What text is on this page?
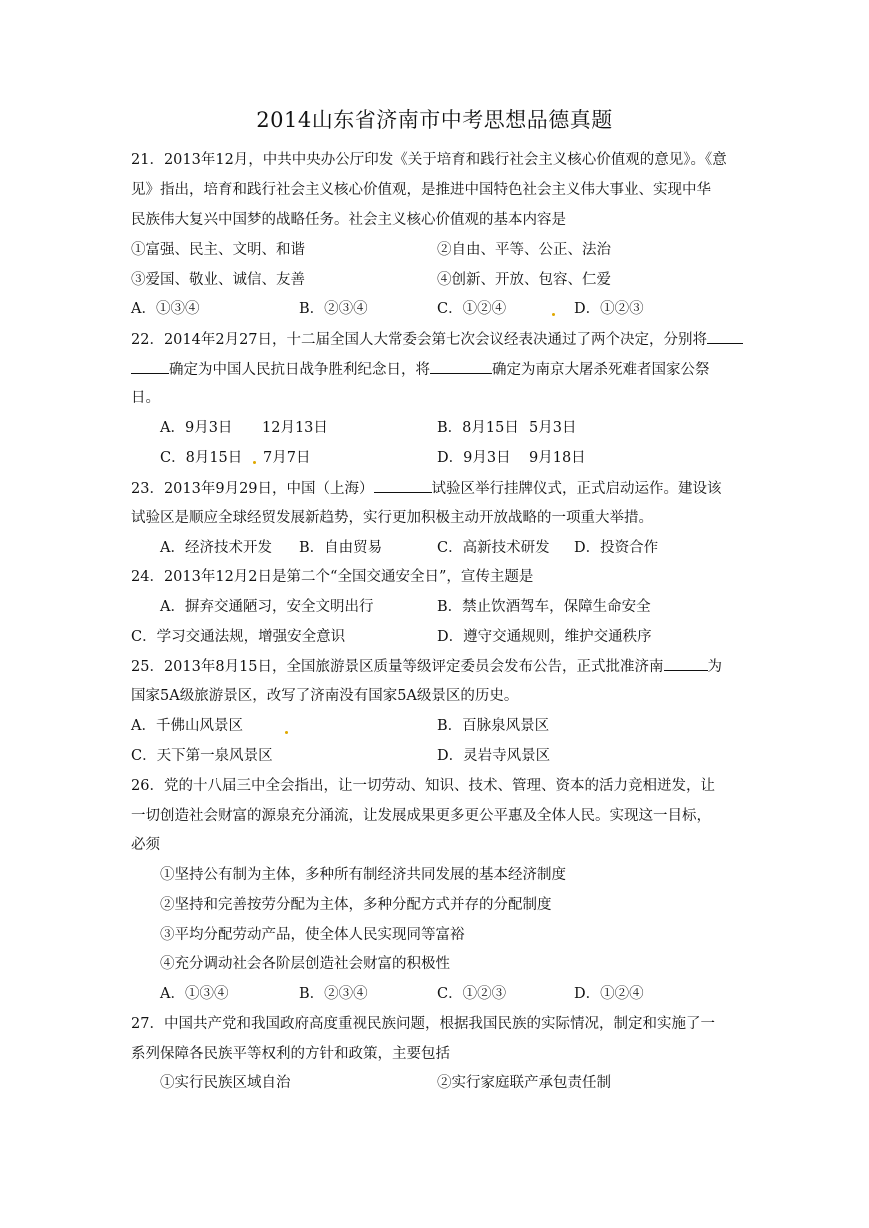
2014山东省济南市中考思想品德真题
21．2013年12月，中共中央办公厅印发《关于培育和践行社会主义核心价值观的意见》。《意
见》指出，培育和践行社会主义核心价值观，是推进中国特色社会主义伟大事业、实现中华
民族伟大复兴中国梦的战略任务。社会主义核心价值观的基本内容是
①富强、民主、文明、和谐	②自由、平等、公正、法治
③爱国、敬业、诚信、友善	④创新、开放、包容、仁爱
A．①③④	B．②③④	C．①②④	D．①②③
22．2014年2月27日，十二届全国人大常委会第七次会议经表决通过了两个决定，分别将
确定为中国人民抗日战争胜利纪念日，将	确定为南京大屠杀死难者国家公祭
日。
A．9月3日 12月13日	B．8月15日 5月3日
C．8月15日 7月7日	D．9月3日 9月18日
23．2013年9月29日，中国（上海）	试验区举行挂牌仪式，正式启动运作。建设该
试验区是顺应全球经贸发展新趋势，实行更加积极主动开放战略的一项重大举措。
A．经济技术开发 B．自由贸易	C．高新技术研发 D．投资合作
24．2013年12月2日是第二个“全国交通安全日”，宣传主题是
A．摒弃交通陋习，安全文明出行	B．禁止饮酒驾车，保障生命安全
C．学习交通法规，增强安全意识	D．遵守交通规则，维护交通秩序
25．2013年8月15日，全国旅游景区质量等级评定委员会发布公告，正式批准济南	为
国家5A级旅游景区，改写了济南没有国家5A级景区的历史。
A．千佛山风景区	B．百脉泉风景区
C．天下第一泉风景区	D．灵岩寺风景区
26．党的十八届三中全会指出，让一切劳动、知识、技术、管理、资本的活力竞相迸发，让
一切创造社会财富的源泉充分涌流，让发展成果更多更公平惠及全体人民。实现这一目标，
必须
①坚持公有制为主体，多种所有制经济共同发展的基本经济制度
②坚持和完善按劳分配为主体，多种分配方式并存的分配制度
③平均分配劳动产品，使全体人民实现同等富裕
④充分调动社会各阶层创造社会财富的积极性
A．①③④	B．②③④	C．①②③	D．①②④
27．中国共产党和我国政府高度重视民族问题，根据我国民族的实际情况，制定和实施了一
系列保障各民族平等权利的方针和政策，主要包括
①实行民族区域自治	②实行家庭联产承包责任制
